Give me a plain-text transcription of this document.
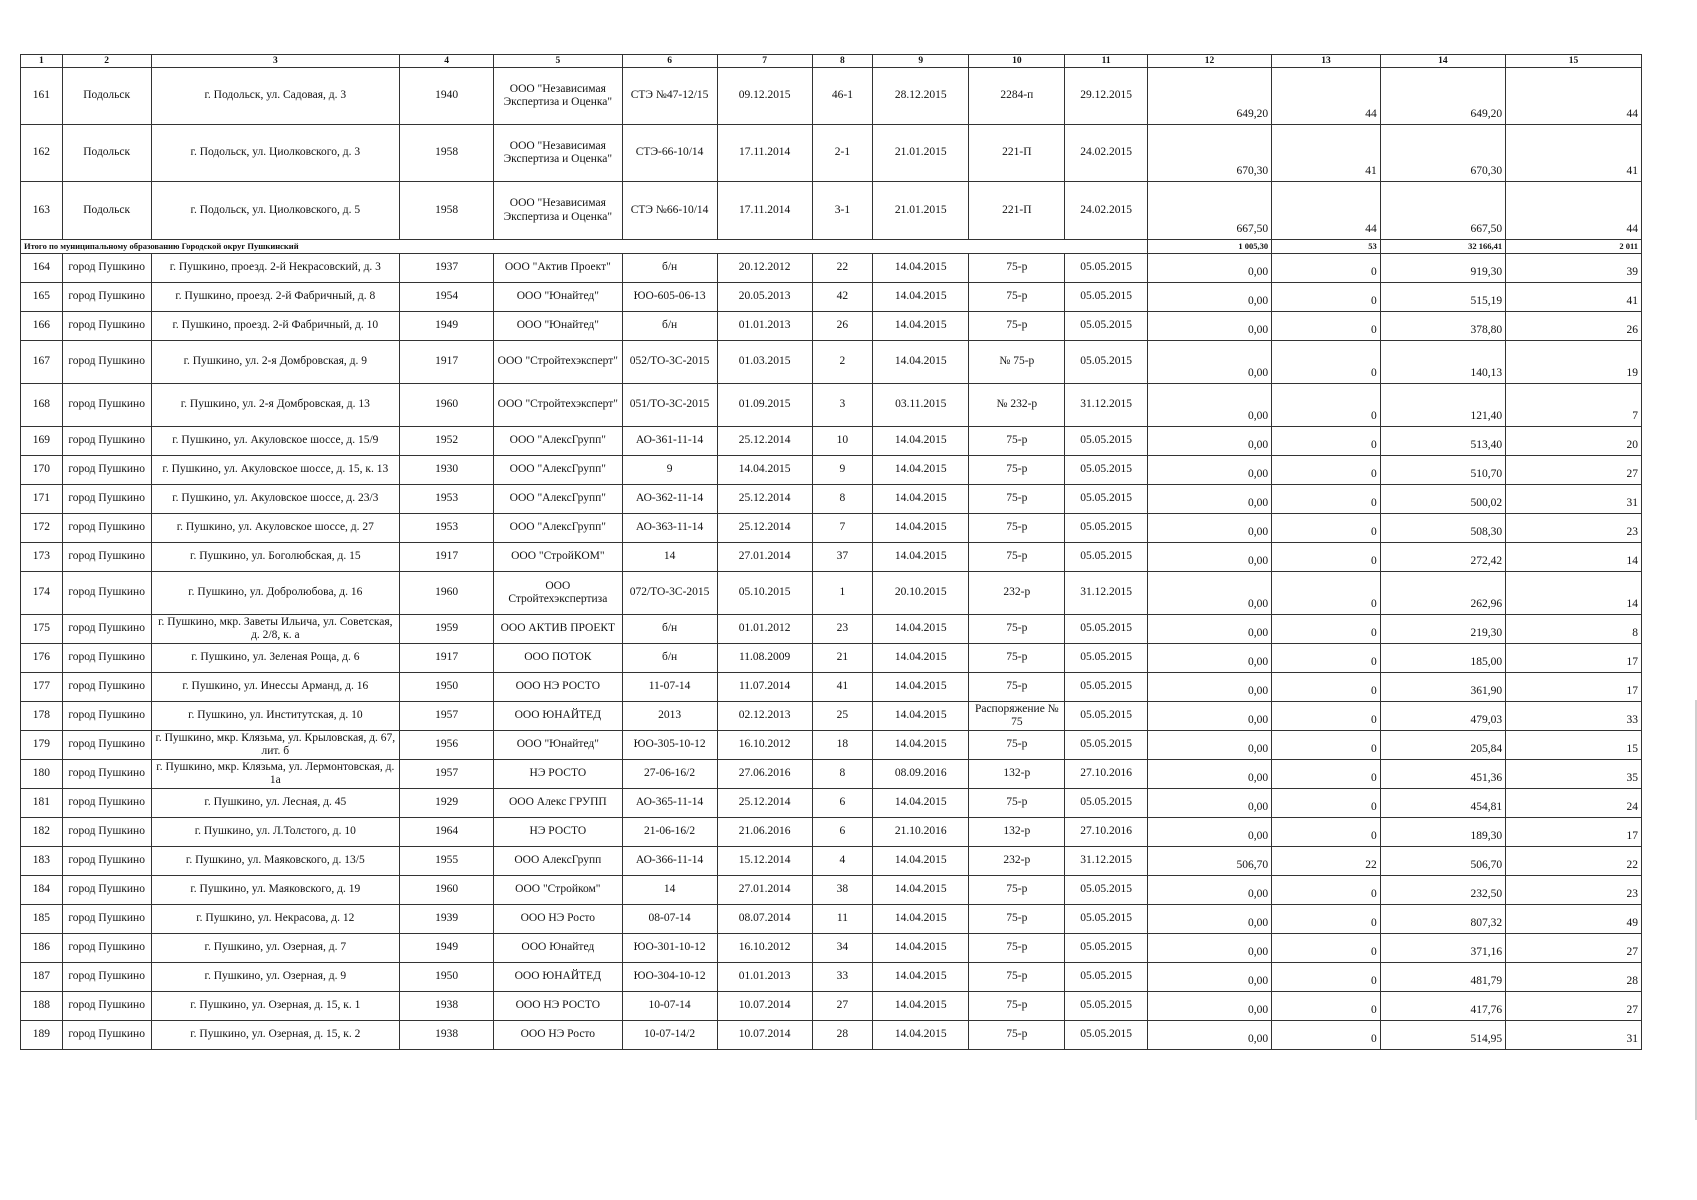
1	2	3	4	5	6	7	8	9	10	11	12	13	14	15
161	Подольск	г. Подольск, ул. Садовая, д. 3	1940	ООО "Независимая Экспертиза и Оценка"	СТЭ №47-12/15	09.12.2015	46-1	28.12.2015	2284-п	29.12.2015	649,20	44	649,20	44
162	Подольск	г. Подольск, ул. Циолковского, д. 3	1958	ООО "Независимая Экспертиза и Оценка"	СТЭ-66-10/14	17.11.2014	2-1	21.01.2015	221-П	24.02.2015	670,30	41	670,30	41
163	Подольск	г. Подольск, ул. Циолковского, д. 5	1958	ООО "Независимая Экспертиза и Оценка"	СТЭ №66-10/14	17.11.2014	3-1	21.01.2015	221-П	24.02.2015	667,50	44	667,50	44
Итого по муниципальному образованию Городской округ Пушкинский											1 005,30	53	32 166,41	2 011
164	город Пушкино	г. Пушкино, проезд. 2-й Некрасовский, д. 3	1937	ООО "Актив Проект"	б/н	20.12.2012	22	14.04.2015	75-р	05.05.2015	0,00	0	919,30	39
165	город Пушкино	г. Пушкино, проезд. 2-й Фабричный, д. 8	1954	ООО "Юнайтед"	ЮО-605-06-13	20.05.2013	42	14.04.2015	75-р	05.05.2015	0,00	0	515,19	41
166	город Пушкино	г. Пушкино, проезд. 2-й Фабричный, д. 10	1949	ООО "Юнайтед"	б/н	01.01.2013	26	14.04.2015	75-р	05.05.2015	0,00	0	378,80	26
167	город Пушкино	г. Пушкино, ул. 2-я Домбровская, д. 9	1917	ООО "Стройтехэксперт"	052/ТО-3С-2015	01.03.2015	2	14.04.2015	№ 75-р	05.05.2015	0,00	0	140,13	19
168	город Пушкино	г. Пушкино, ул. 2-я Домбровская, д. 13	1960	ООО "Стройтехэксперт"	051/ТО-3С-2015	01.09.2015	3	03.11.2015	№ 232-р	31.12.2015	0,00	0	121,40	7
169	город Пушкино	г. Пушкино, ул. Акуловское шоссе, д. 15/9	1952	ООО "АлексГрупп"	АО-361-11-14	25.12.2014	10	14.04.2015	75-р	05.05.2015	0,00	0	513,40	20
170	город Пушкино	г. Пушкино, ул. Акуловское шоссе, д. 15, к. 13	1930	ООО "АлексГрупп"	9	14.04.2015	9	14.04.2015	75-р	05.05.2015	0,00	0	510,70	27
171	город Пушкино	г. Пушкино, ул. Акуловское шоссе, д. 23/3	1953	ООО "АлексГрупп"	АО-362-11-14	25.12.2014	8	14.04.2015	75-р	05.05.2015	0,00	0	500,02	31
172	город Пушкино	г. Пушкино, ул. Акуловское шоссе, д. 27	1953	ООО "АлексГрупп"	АО-363-11-14	25.12.2014	7	14.04.2015	75-р	05.05.2015	0,00	0	508,30	23
173	город Пушкино	г. Пушкино, ул. Боголюбская, д. 15	1917	ООО "СтройКОМ"	14	27.01.2014	37	14.04.2015	75-р	05.05.2015	0,00	0	272,42	14
174	город Пушкино	г. Пушкино, ул. Добролюбова, д. 16	1960	ООО Стройтехэкспертиза	072/ТО-3С-2015	05.10.2015	1	20.10.2015	232-р	31.12.2015	0,00	0	262,96	14
175	город Пушкино	г. Пушкино, мкр. Заветы Ильича, ул. Советская, д. 2/8, к. а	1959	ООО АКТИВ ПРОЕКТ	б/н	01.01.2012	23	14.04.2015	75-р	05.05.2015	0,00	0	219,30	8
176	город Пушкино	г. Пушкино, ул. Зеленая Роща, д. 6	1917	ООО ПОТОК	б/н	11.08.2009	21	14.04.2015	75-р	05.05.2015	0,00	0	185,00	17
177	город Пушкино	г. Пушкино, ул. Инессы Арманд, д. 16	1950	ООО НЭ РОСТО	11-07-14	11.07.2014	41	14.04.2015	75-р	05.05.2015	0,00	0	361,90	17
178	город Пушкино	г. Пушкино, ул. Институтская, д. 10	1957	ООО ЮНАЙТЕД	2013	02.12.2013	25	14.04.2015	Распоряжение № 75	05.05.2015	0,00	0	479,03	33
179	город Пушкино	г. Пушкино, мкр. Клязьма, ул. Крыловская, д. 67, лит. б	1956	ООО "Юнайтед"	ЮО-305-10-12	16.10.2012	18	14.04.2015	75-р	05.05.2015	0,00	0	205,84	15
180	город Пушкино	г. Пушкино, мкр. Клязьма, ул. Лермонтовская, д. 1а	1957	НЭ РОСТО	27-06-16/2	27.06.2016	8	08.09.2016	132-р	27.10.2016	0,00	0	451,36	35
181	город Пушкино	г. Пушкино, ул. Лесная, д. 45	1929	ООО Алекс ГРУПП	АО-365-11-14	25.12.2014	6	14.04.2015	75-р	05.05.2015	0,00	0	454,81	24
182	город Пушкино	г. Пушкино, ул. Л.Толстого, д. 10	1964	НЭ РОСТО	21-06-16/2	21.06.2016	6	21.10.2016	132-р	27.10.2016	0,00	0	189,30	17
183	город Пушкино	г. Пушкино, ул. Маяковского, д. 13/5	1955	ООО АлексГрупп	АО-366-11-14	15.12.2014	4	14.04.2015	232-р	31.12.2015	506,70	22	506,70	22
184	город Пушкино	г. Пушкино, ул. Маяковского, д. 19	1960	ООО "Стройком"	14	27.01.2014	38	14.04.2015	75-р	05.05.2015	0,00	0	232,50	23
185	город Пушкино	г. Пушкино, ул. Некрасова, д. 12	1939	ООО НЭ Росто	08-07-14	08.07.2014	11	14.04.2015	75-р	05.05.2015	0,00	0	807,32	49
186	город Пушкино	г. Пушкино, ул. Озерная, д. 7	1949	ООО Юнайтед	ЮО-301-10-12	16.10.2012	34	14.04.2015	75-р	05.05.2015	0,00	0	371,16	27
187	город Пушкино	г. Пушкино, ул. Озерная, д. 9	1950	ООО ЮНАЙТЕД	ЮО-304-10-12	01.01.2013	33	14.04.2015	75-р	05.05.2015	0,00	0	481,79	28
188	город Пушкино	г. Пушкино, ул. Озерная, д. 15, к. 1	1938	ООО НЭ РОСТО	10-07-14	10.07.2014	27	14.04.2015	75-р	05.05.2015	0,00	0	417,76	27
189	город Пушкино	г. Пушкино, ул. Озерная, д. 15, к. 2	1938	ООО НЭ Росто	10-07-14/2	10.07.2014	28	14.04.2015	75-р	05.05.2015	0,00	0	514,95	31
